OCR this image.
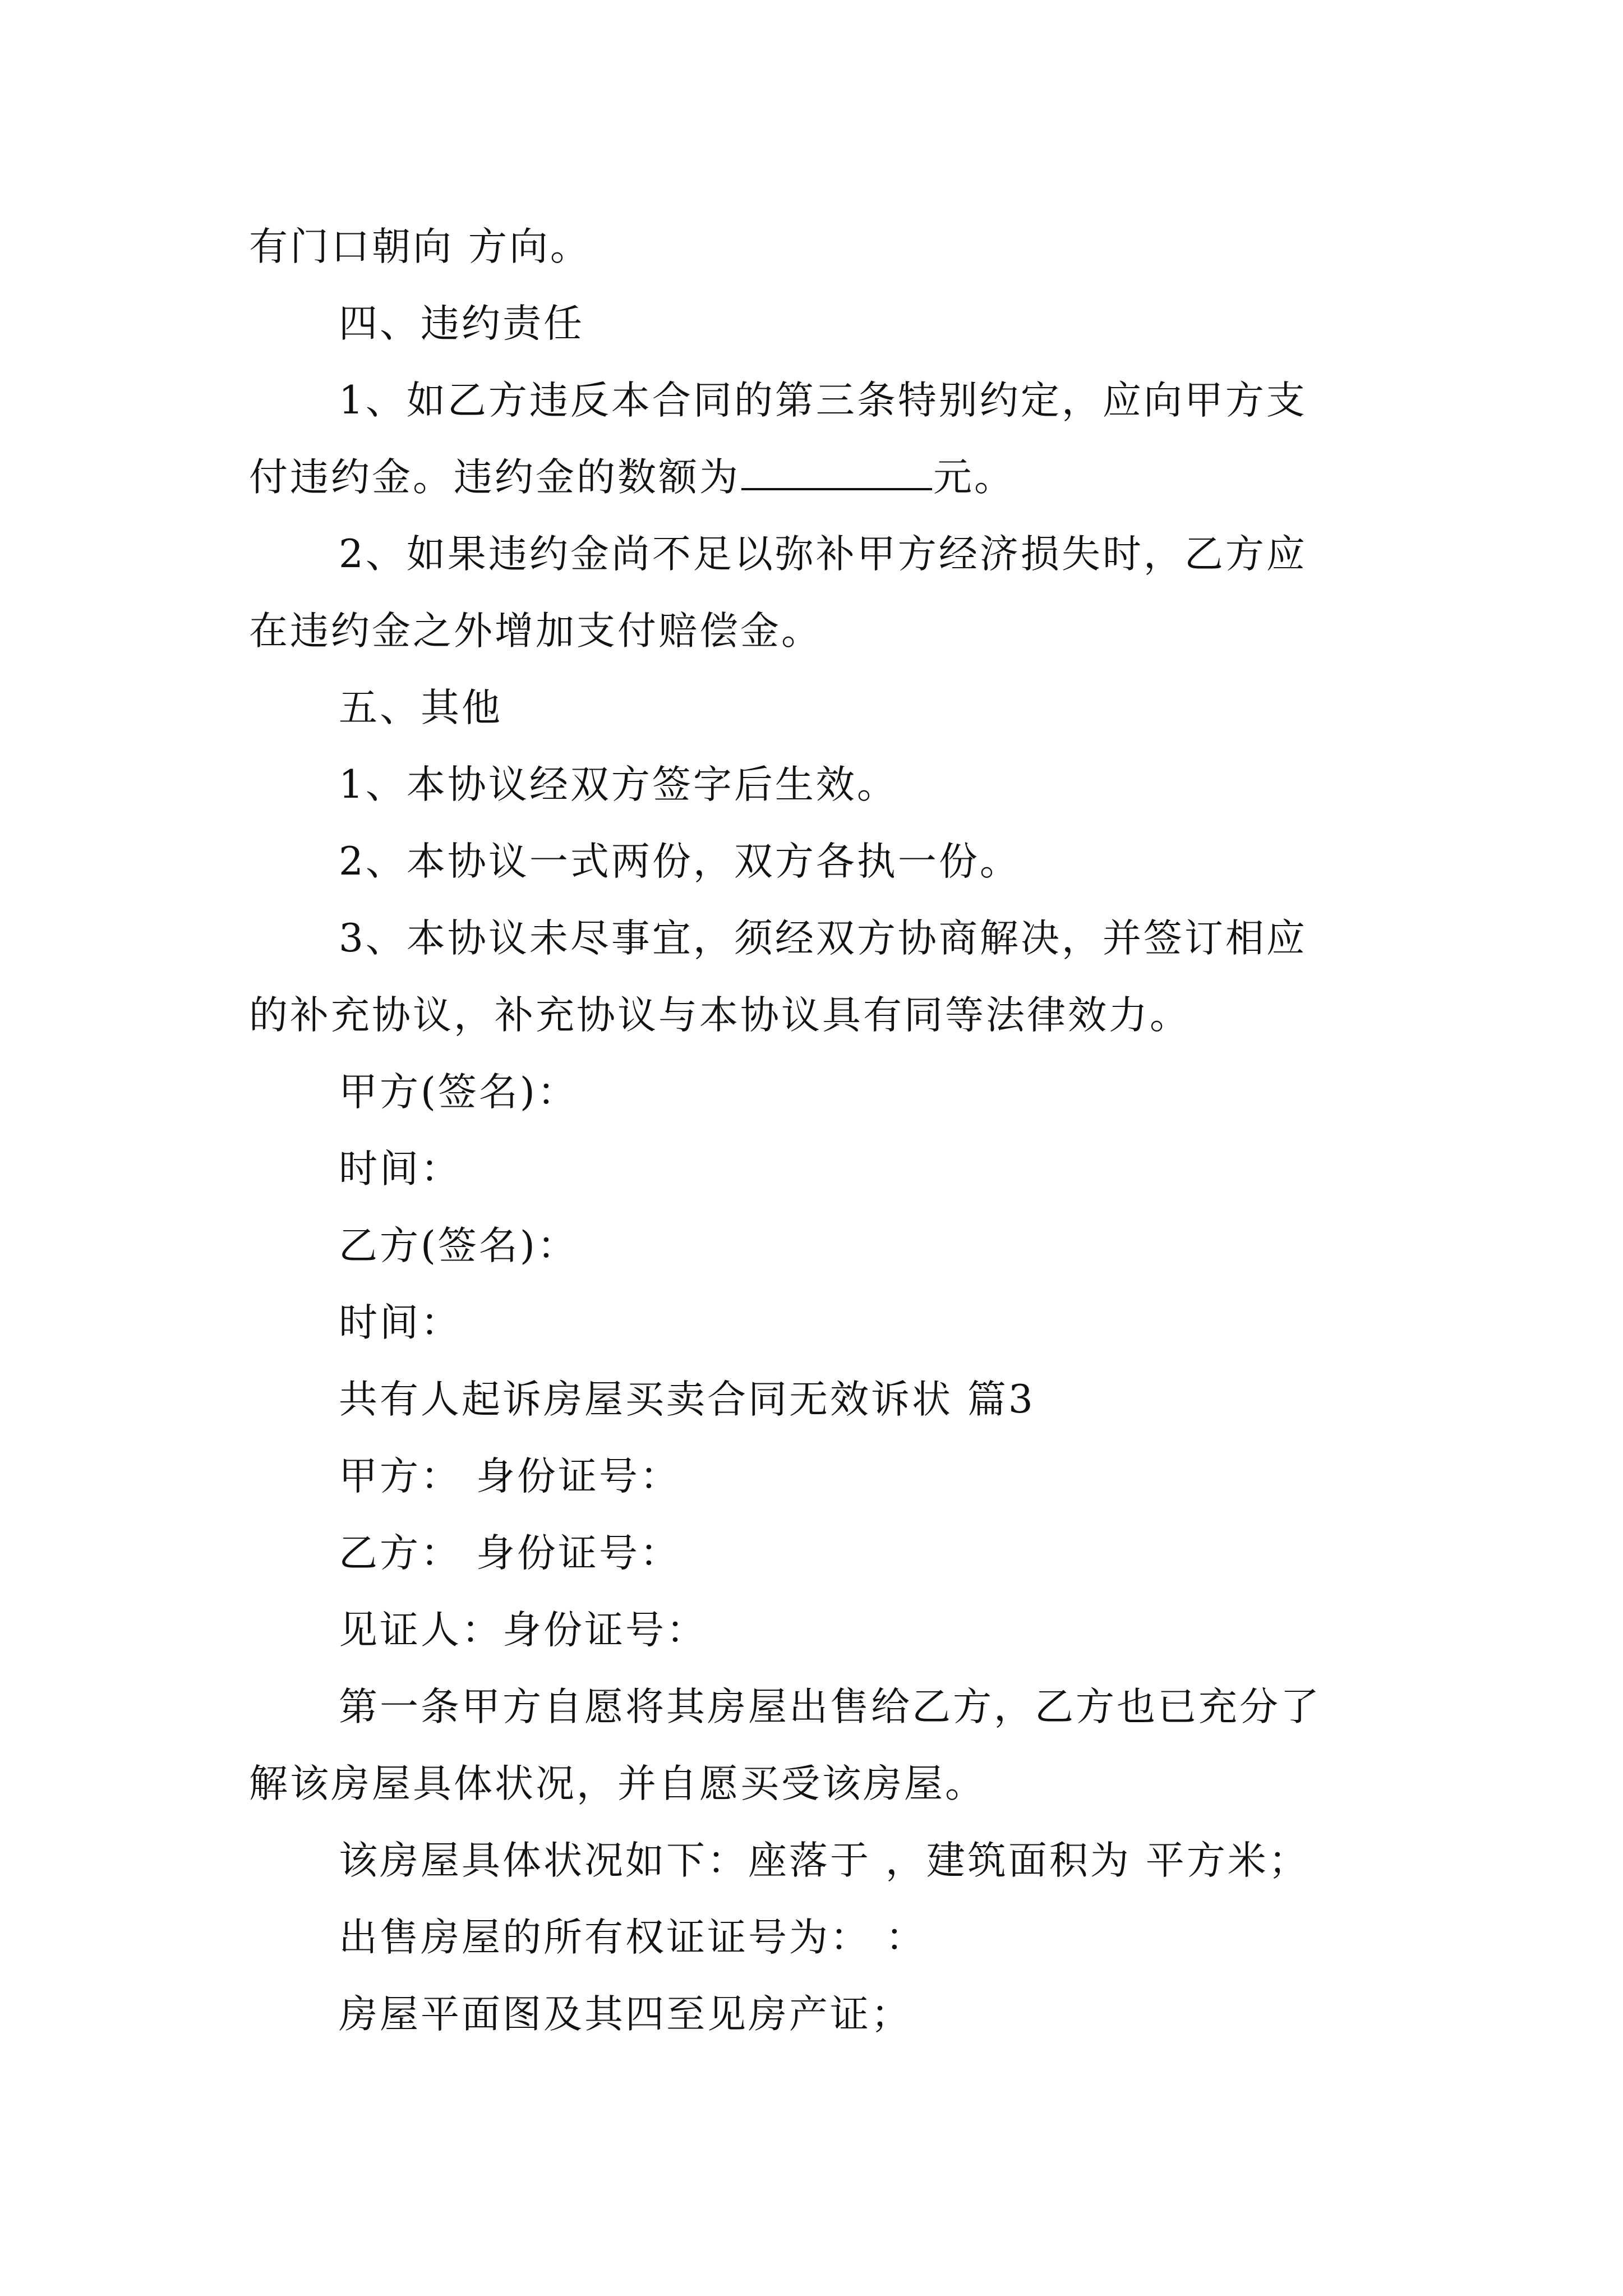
有门口朝向 方向。
四、违约责任
1、如乙方违反本合同的第三条特别约定，应向甲方支
付违约金。违约金的数额为	元。
2、如果违约金尚不足以弥补甲方经济损失时，乙方应
在违约金之外增加支付赔偿金。
五、其他
1、本协议经双方签字后生效。
2、本协议一式两份，双方各执一份。
3、本协议未尽事宜，须经双方协商解决，并签订相应
的补充协议，补充协议与本协议具有同等法律效力。
甲方(签名)：
时间：
乙方(签名)：
时间：
共有人起诉房屋买卖合同无效诉状 篇3
甲方： 身份证号：
乙方： 身份证号：
见证人：身份证号：
第一条甲方自愿将其房屋出售给乙方，乙方也已充分了
解该房屋具体状况，并自愿买受该房屋。
该房屋具体状况如下：座落于 ，建筑面积为 平方米；
出售房屋的所有权证证号为： ：
房屋平面图及其四至见房产证；
